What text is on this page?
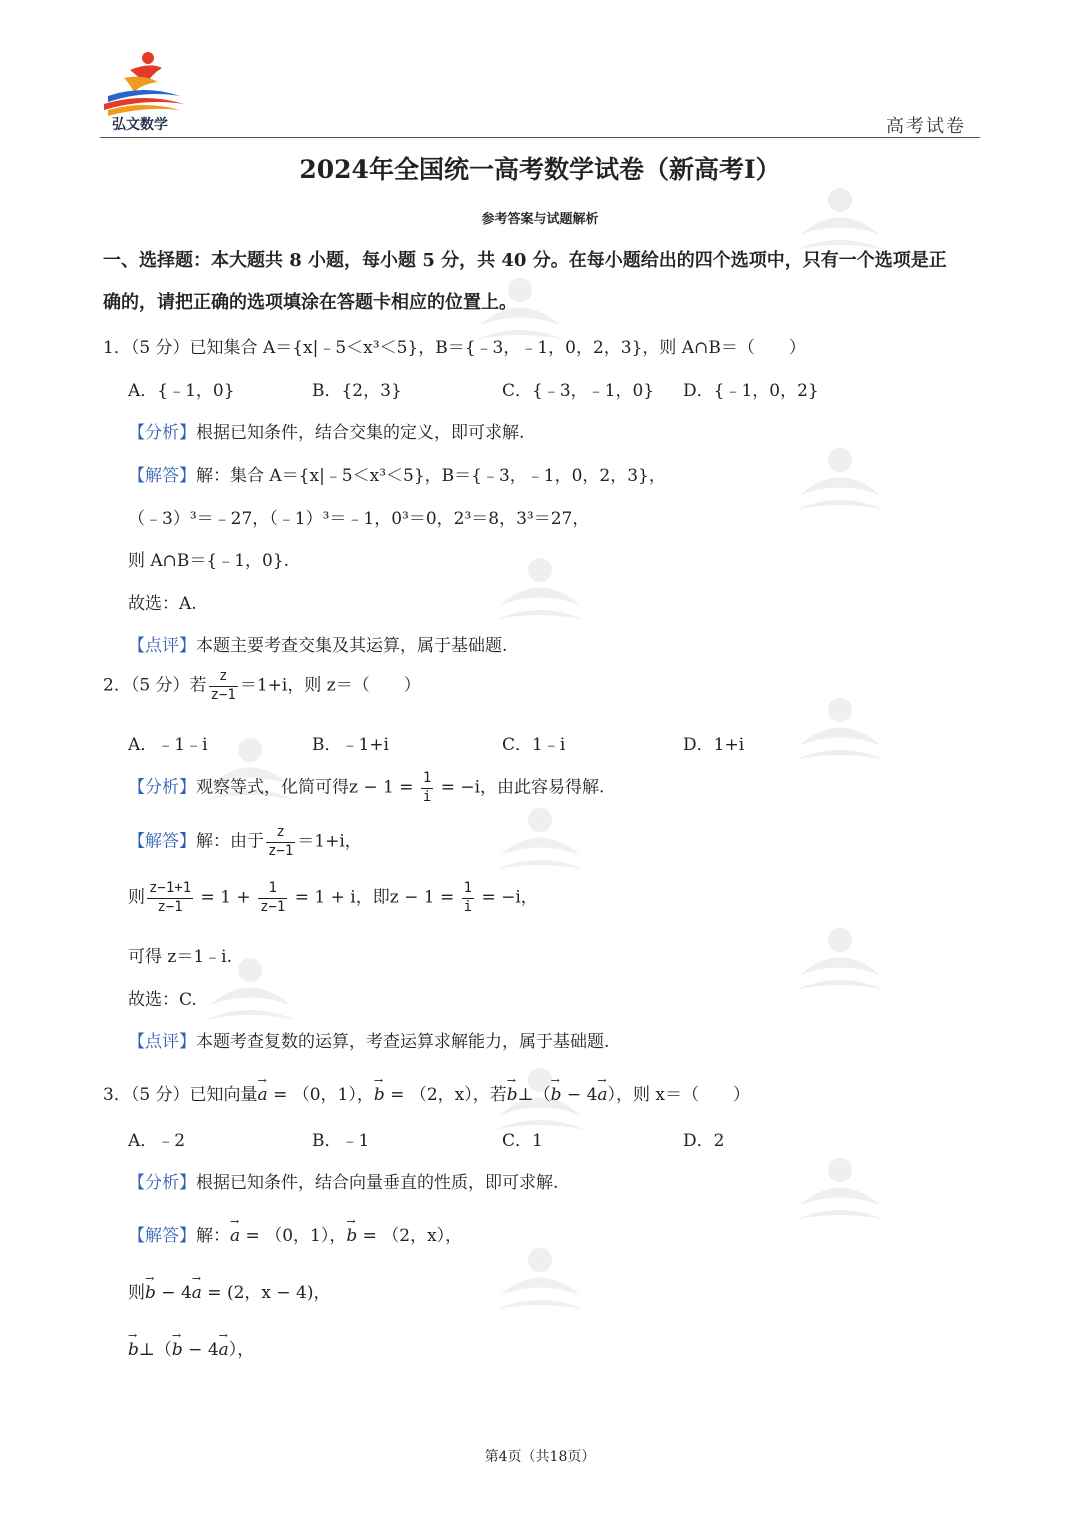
弘文数学	高考试卷
2024年全国统一高考数学试卷（新高考Ⅰ）
参考答案与试题解析
一、选择题：本大题共 8 小题，每小题 5 分，共 40 分。在每小题给出的四个选项中，只有一个选项是正
确的，请把正确的选项填涂在答题卡相应的位置上。
1．（5 分）已知集合 A＝{x|﹣5＜x³＜5}，B＝{﹣3，﹣1，0，2，3}，则 A∩B＝（　　）
A．{﹣1，0}	B．{2，3}	C．{﹣3，﹣1，0} D．{﹣1，0，2}
【分析】根据已知条件，结合交集的定义，即可求解.
【解答】解：集合 A＝{x|﹣5＜x³＜5}，B＝{﹣3，﹣1，0，2，3}，
（﹣3）³＝﹣27，（﹣1）³＝﹣1，0³＝0，2³＝8，3³＝27，
则 A∩B＝{﹣1，0}.
故选：A.
【点评】本题主要考查交集及其运算，属于基础题.
2．（5 分）若 $\frac{z}{z-1} =1+i$，则 z＝（　　）
A．﹣1﹣i	B．﹣1+i	C．1﹣i	D．1+i
【分析】观察等式，化简可得$z - 1 = \frac{1}{i} = -i$，由此容易得解.
【解答】解：由于 $\frac{z}{z-1} =1+i$，
则 $\frac{z-1+1}{z-1} = 1 + \frac{1}{z-1} = 1 + i$，即$z - 1 = \frac{1}{i} = -i$，
可得 z＝1﹣i.
故选：C.
【点评】本题考查复数的运算，考查运算求解能力，属于基础题.
3．（5 分）已知向量→ a = （0，1），→ b = （2，x），若→ b⊥（→ b − 4→ a），则 x＝（　　）
A．﹣2	B．﹣1	C．1	D．2
【分析】根据已知条件，结合向量垂直的性质，即可求解.
【解答】解：→ a = （0，1），→ b = （2，x），
则→ b − 4→ a = (2，x − 4)，
→ b⊥（→ b − 4→ a），
第4页（共18页）
